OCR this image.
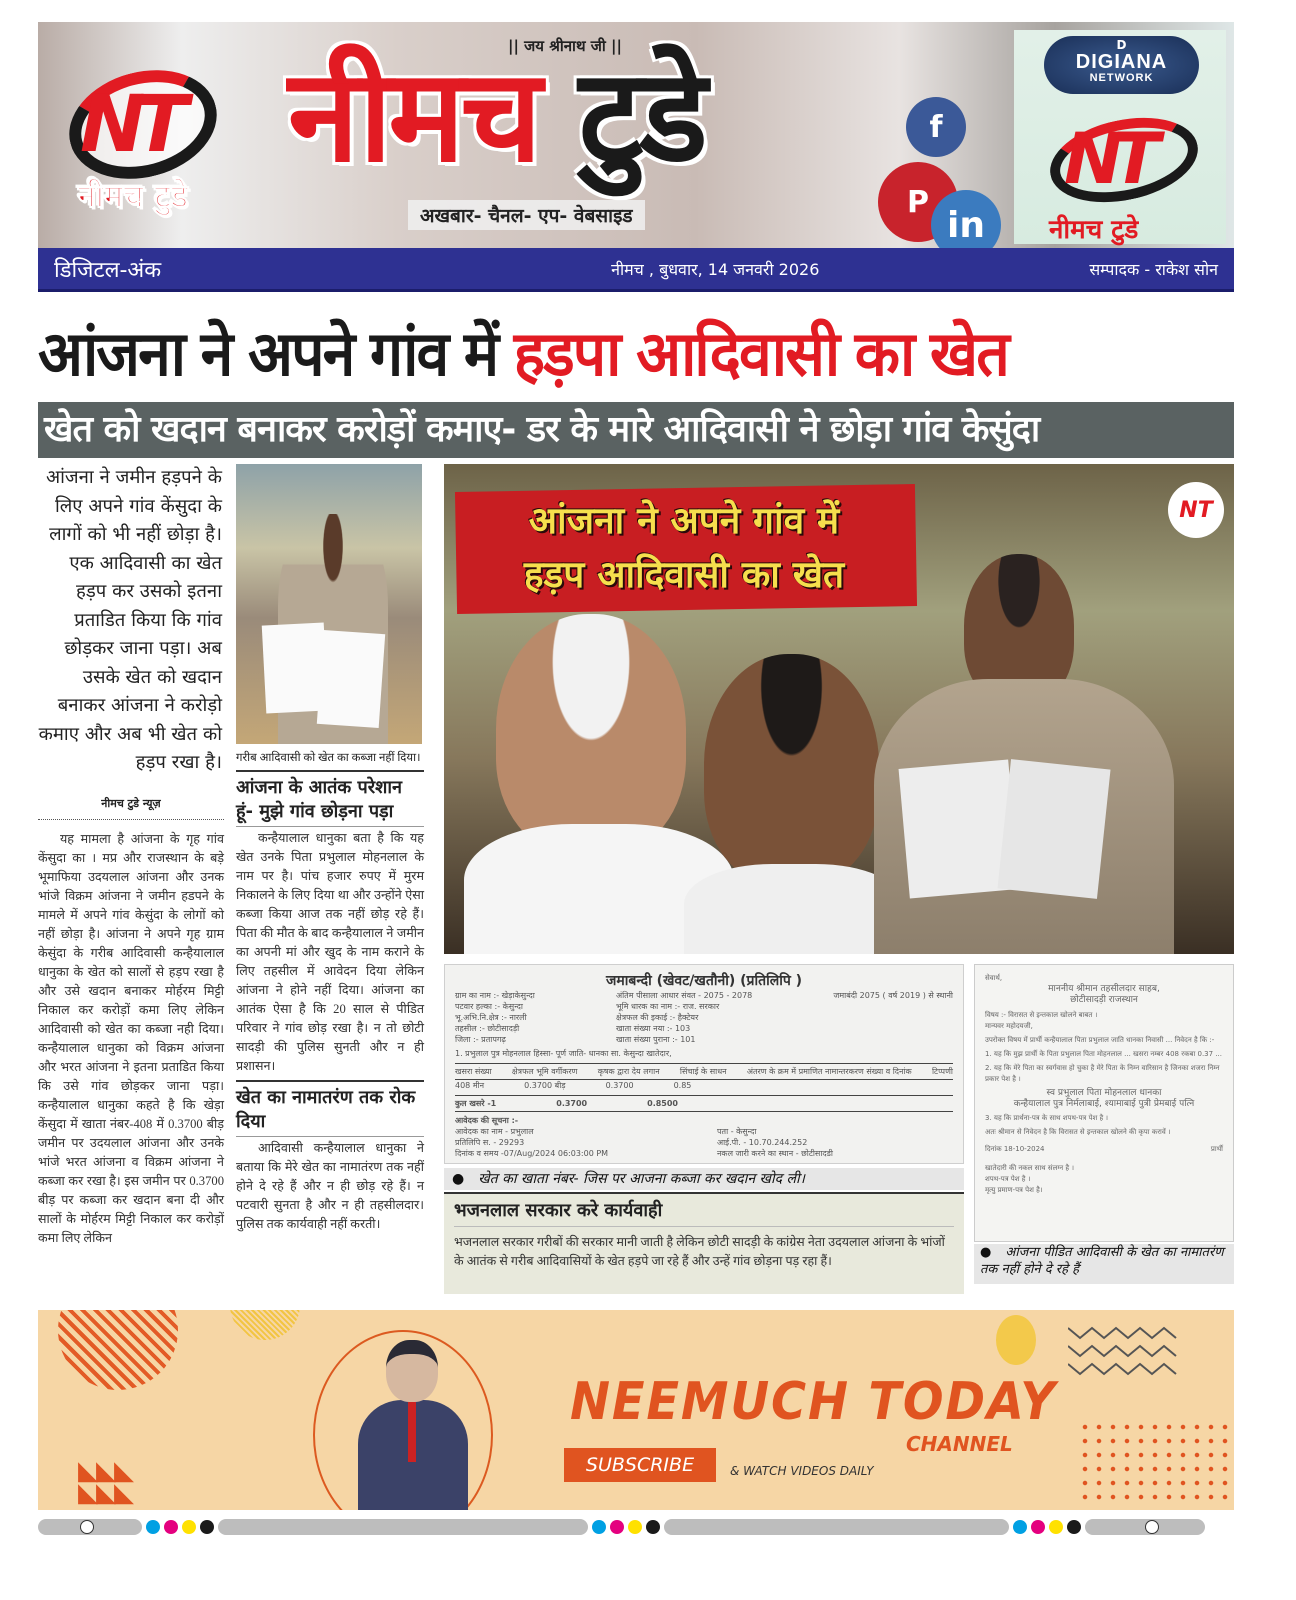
NT
नीमच टुडे
|| जय श्रीनाथ जी ||
नीमच टुडे
अखबार- चैनल- एप- वेबसाइड
f
P
in
D
DIGIANA
NETWORK
NT
नीमच टुडे
डिजिटल-अंक	नीमच , बुधवार, 14 जनवरी 2026	सम्पादक - राकेश सोन
आंजना ने अपने गांव में हड़पा आदिवासी का खेत
खेत को खदान बनाकर करोड़ों कमाए- डर के मारे आदिवासी ने छोड़ा गांव केसुंदा

आंजना ने जमीन हड़पने के लिए अपने गांव केंसुदा के लागों को भी नहीं छोड़ा है। एक आदिवासी का खेत हड़प कर उसको इतना प्रताडित किया कि गांव छोड़कर जाना पड़ा। अब उसके खेत को खदान बनाकर आंजना ने करोड़ो कमाए और अब भी खेत को हड़प रखा है।

नीमच टुडे न्यूज़

यह मामला है आंजना के गृह गांव केंसुदा का । मप्र और राजस्थान के बड़े भूमाफिया उदयलाल आंजना और उनक भांजे विक्रम आंजना ने जमीन हडपने के मामले में अपने गांव केसुंदा के लोगों को नहीं छोड़ा है। आंजना ने अपने गृह ग्राम केसुंदा के गरीब आदिवासी कन्हैयालाल धानुका के खेत को सालों से हड़प रखा है और उसे खदान बनाकर मोर्हरम मिट्टी निकाल कर करोड़ों कमा लिए लेकिन आदिवासी को खेत का कब्जा नही दिया। कन्हैयालाल धानुका को विक्रम आंजना और भरत आंजना ने इतना प्रताडित किया कि उसे गांव छोड़कर जाना पड़ा। कन्हैयालाल धानुका कहते है कि खेड़ा केंसुदा में खाता नंबर-408 में 0.3700 बीड़ जमीन पर उदयलाल आंजना और उनके भांजे भरत आंजना व विक्रम आंजना ने कब्जा कर रखा है। इस जमीन पर 0.3700 बीड़ पर कब्जा कर खदान बना दी और सालों के मोर्हरम मिट्टी निकाल कर करोड़ों कमा लिए लेकिन

गरीब आदिवासी को खेत का कब्जा नहीं दिया।
आंजना के आतंक परेशान हूं- मुझे गांव छोड़ना पड़ा

कन्हैयालाल धानुका बता है कि यह खेत उनके पिता प्रभुलाल मोहनलाल के नाम पर है। पांच हजार रुपए में मुरम निकालने के लिए दिया था और उन्होंने ऐसा कब्जा किया आज तक नहीं छोड़ रहे हैं। पिता की मौत के बाद कन्हैयालाल ने जमीन का अपनी मां और खुद के नाम कराने के लिए तहसील में आवेदन दिया लेकिन आंजना ने होने नहीं दिया। आंजना का आतंक ऐसा है कि 20 साल से पीडित परिवार ने गांव छोड़ रखा है। न तो छोटी सादड़ी की पुलिस सुनती और न ही प्रशासन।

खेत का नामातरंण तक रोक दिया

आदिवासी कन्हैयालाल धानुका ने बताया कि मेरे खेत का नामातंरण तक नहीं होने दे रहे हैं और न ही छोड़ रहे हैं। न पटवारी सुनता है और न ही तहसीलदार। पुलिस तक कार्यवाही नहीं करती।

आंजना ने अपने गांव में
हड़प आदिवासी का खेत
NT
जमाबन्दी (खेवट/खतौनी) (प्रतिलिपि )
ग्राम का नाम :- खेड़ाकेसुन्दा
पटवार हल्का :- केसुन्दा
भू.अभि.नि.क्षेत्र :- नारली
तहसील :- छोटीसादड़ी
जिला :- प्रतापगढ़
अंतिम पीसाला आधार संवत - 2075 - 2078
भूमि धारक का नाम :- राज. सरकार
क्षेत्रफल की इकाई :- हैक्टेयर
खाता संख्या नया :- 103
खाता संख्या पुराना :- 101
जमाबंदी 2075 ( वर्ष 2019 ) से स्थानी
1. प्रभुलाल पुत्र मोहनलाल हिस्सा- पूर्ण जाति- धानका सा. केसुन्दा खातेदार,
खसरा संख्या	क्षेत्रफल भूमि वर्गीकरण	कृषक द्वारा देय लगान	सिंचाई के साधन	अंतरण के क्रम में प्रमाणित नामान्तरकरण संख्या व दिनांक	टिप्पणी
408 मीन	0.3700 बीड़	0.3700	0.85
कुल खसरे -1	0.3700	0.8500
आवेदक की सूचना :-
आवेदक का नाम - प्रभुलाल
प्रतिलिपि स. - 29293
दिनांक व समय -07/Aug/2024 06:03:00 PM
पता - केसुन्दा
आई.पी. - 10.70.244.252
नकल जारी करने का स्थान - छोटीसादडी
● खेत का खाता नंबर- जिस पर आजना कब्जा कर खदान खोद ली।
भजनलाल सरकार करे कार्यवाही

भजनलाल सरकार गरीबों की सरकार मानी जाती है लेकिन छोटी सादड़ी के कांग्रेस नेता उदयलाल आंजना के भांजों के आतंक से गरीब आदिवासियों के खेत हड़पे जा रहे हैं और उन्हें गांव छोड़ना पड़ रहा हैं।

सेवार्थ,
माननीय श्रीमान तहसीलदार साहब,
छोटीसादड़ी राजस्थान
विषय :- विरासत से इन्तकाल खोलने बाबत ।
मान्यवर महोदयजी,
उपरोक्त विषय में प्रार्थी कन्हैयालाल पिता प्रभुलाल जाति धानका निवासी ... निवेदन है कि :-
1. यह कि मुझ प्रार्थी के पिता प्रभुलाल पिता मोहनलाल ... खसरा नम्बर 408 रकबा 0.37 ...
2. यह कि मेरे पिता का स्वर्गवास हो चुका है मेरे पिता के निम्न वारिसान है जिनका शजरा निम्न प्रकार पेश है ।
स्व प्रभुलाल पिता मोहनलाल धानका
कन्हैयालाल पुत्र निर्मलाबाई, श्यामाबाई पुत्री प्रेमबाई पत्नि
3. यह कि प्रार्थना-पत्र के साथ शपथ-पत्र पेश है ।
अतः श्रीमान से निवेदन है कि विरासत से इन्तकाल खोलने की कृपा करावें ।
दिनांक 18-10-2024	प्रार्थी
खातेदारी की नकल साथ संलग्न है ।
शपथ-पत्र पेश है ।
मृत्यु प्रमाण-पत्र पेश है।
● आंजना पीडित आदिवासी के खेत का नामातरंण तक नहीं होने दे रहे हैं
NEEMUCH TODAY
CHANNEL
SUBSCRIBE	& WATCH VIDEOS DAILY
◣◣◣
◣◣◣
